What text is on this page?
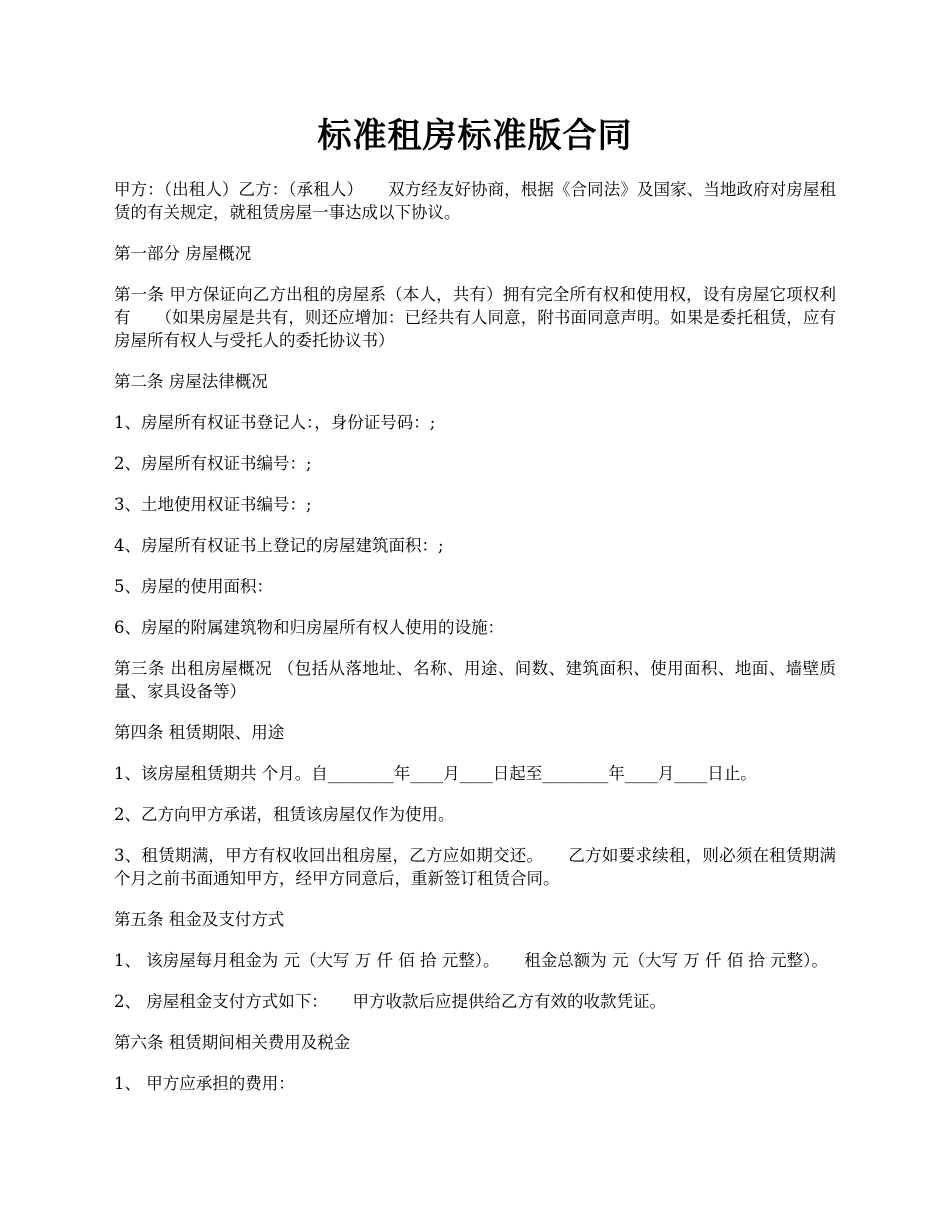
标准租房标准版合同

甲方：（出租人）乙方：（承租人）　　双方经友好协商，根据《合同法》及国家、当地政府对房屋租赁的有关规定，就租赁房屋一事达成以下协议。

第一部分 房屋概况

第一条 甲方保证向乙方出租的房屋系（本人，共有）拥有完全所有权和使用权，设有房屋它项权利有　　（如果房屋是共有，则还应增加：已经共有人同意，附书面同意声明。如果是委托租赁，应有房屋所有权人与受托人的委托协议书）

第二条 房屋法律概况

1、房屋所有权证书登记人：，身份证号码：;

2、房屋所有权证书编号：;

3、土地使用权证书编号：;

4、房屋所有权证书上登记的房屋建筑面积：;

5、房屋的使用面积：

6、房屋的附属建筑物和归房屋所有权人使用的设施：

第三条 出租房屋概况 （包括从落地址、名称、用途、间数、建筑面积、使用面积、地面、墙壁质量、家具设备等）

第四条 租赁期限、用途

1、该房屋租赁期共 个月。自________年____月____日起至________年____月____日止。

2、乙方向甲方承诺，租赁该房屋仅作为使用。

3、租赁期满，甲方有权收回出租房屋，乙方应如期交还。　　乙方如要求续租，则必须在租赁期满 个月之前书面通知甲方，经甲方同意后，重新签订租赁合同。

第五条 租金及支付方式

1、 该房屋每月租金为 元（大写 万 仟 佰 拾 元整）。　　租金总额为 元（大写 万 仟 佰 拾 元整）。

2、 房屋租金支付方式如下：　　甲方收款后应提供给乙方有效的收款凭证。

第六条 租赁期间相关费用及税金

1、 甲方应承担的费用：
